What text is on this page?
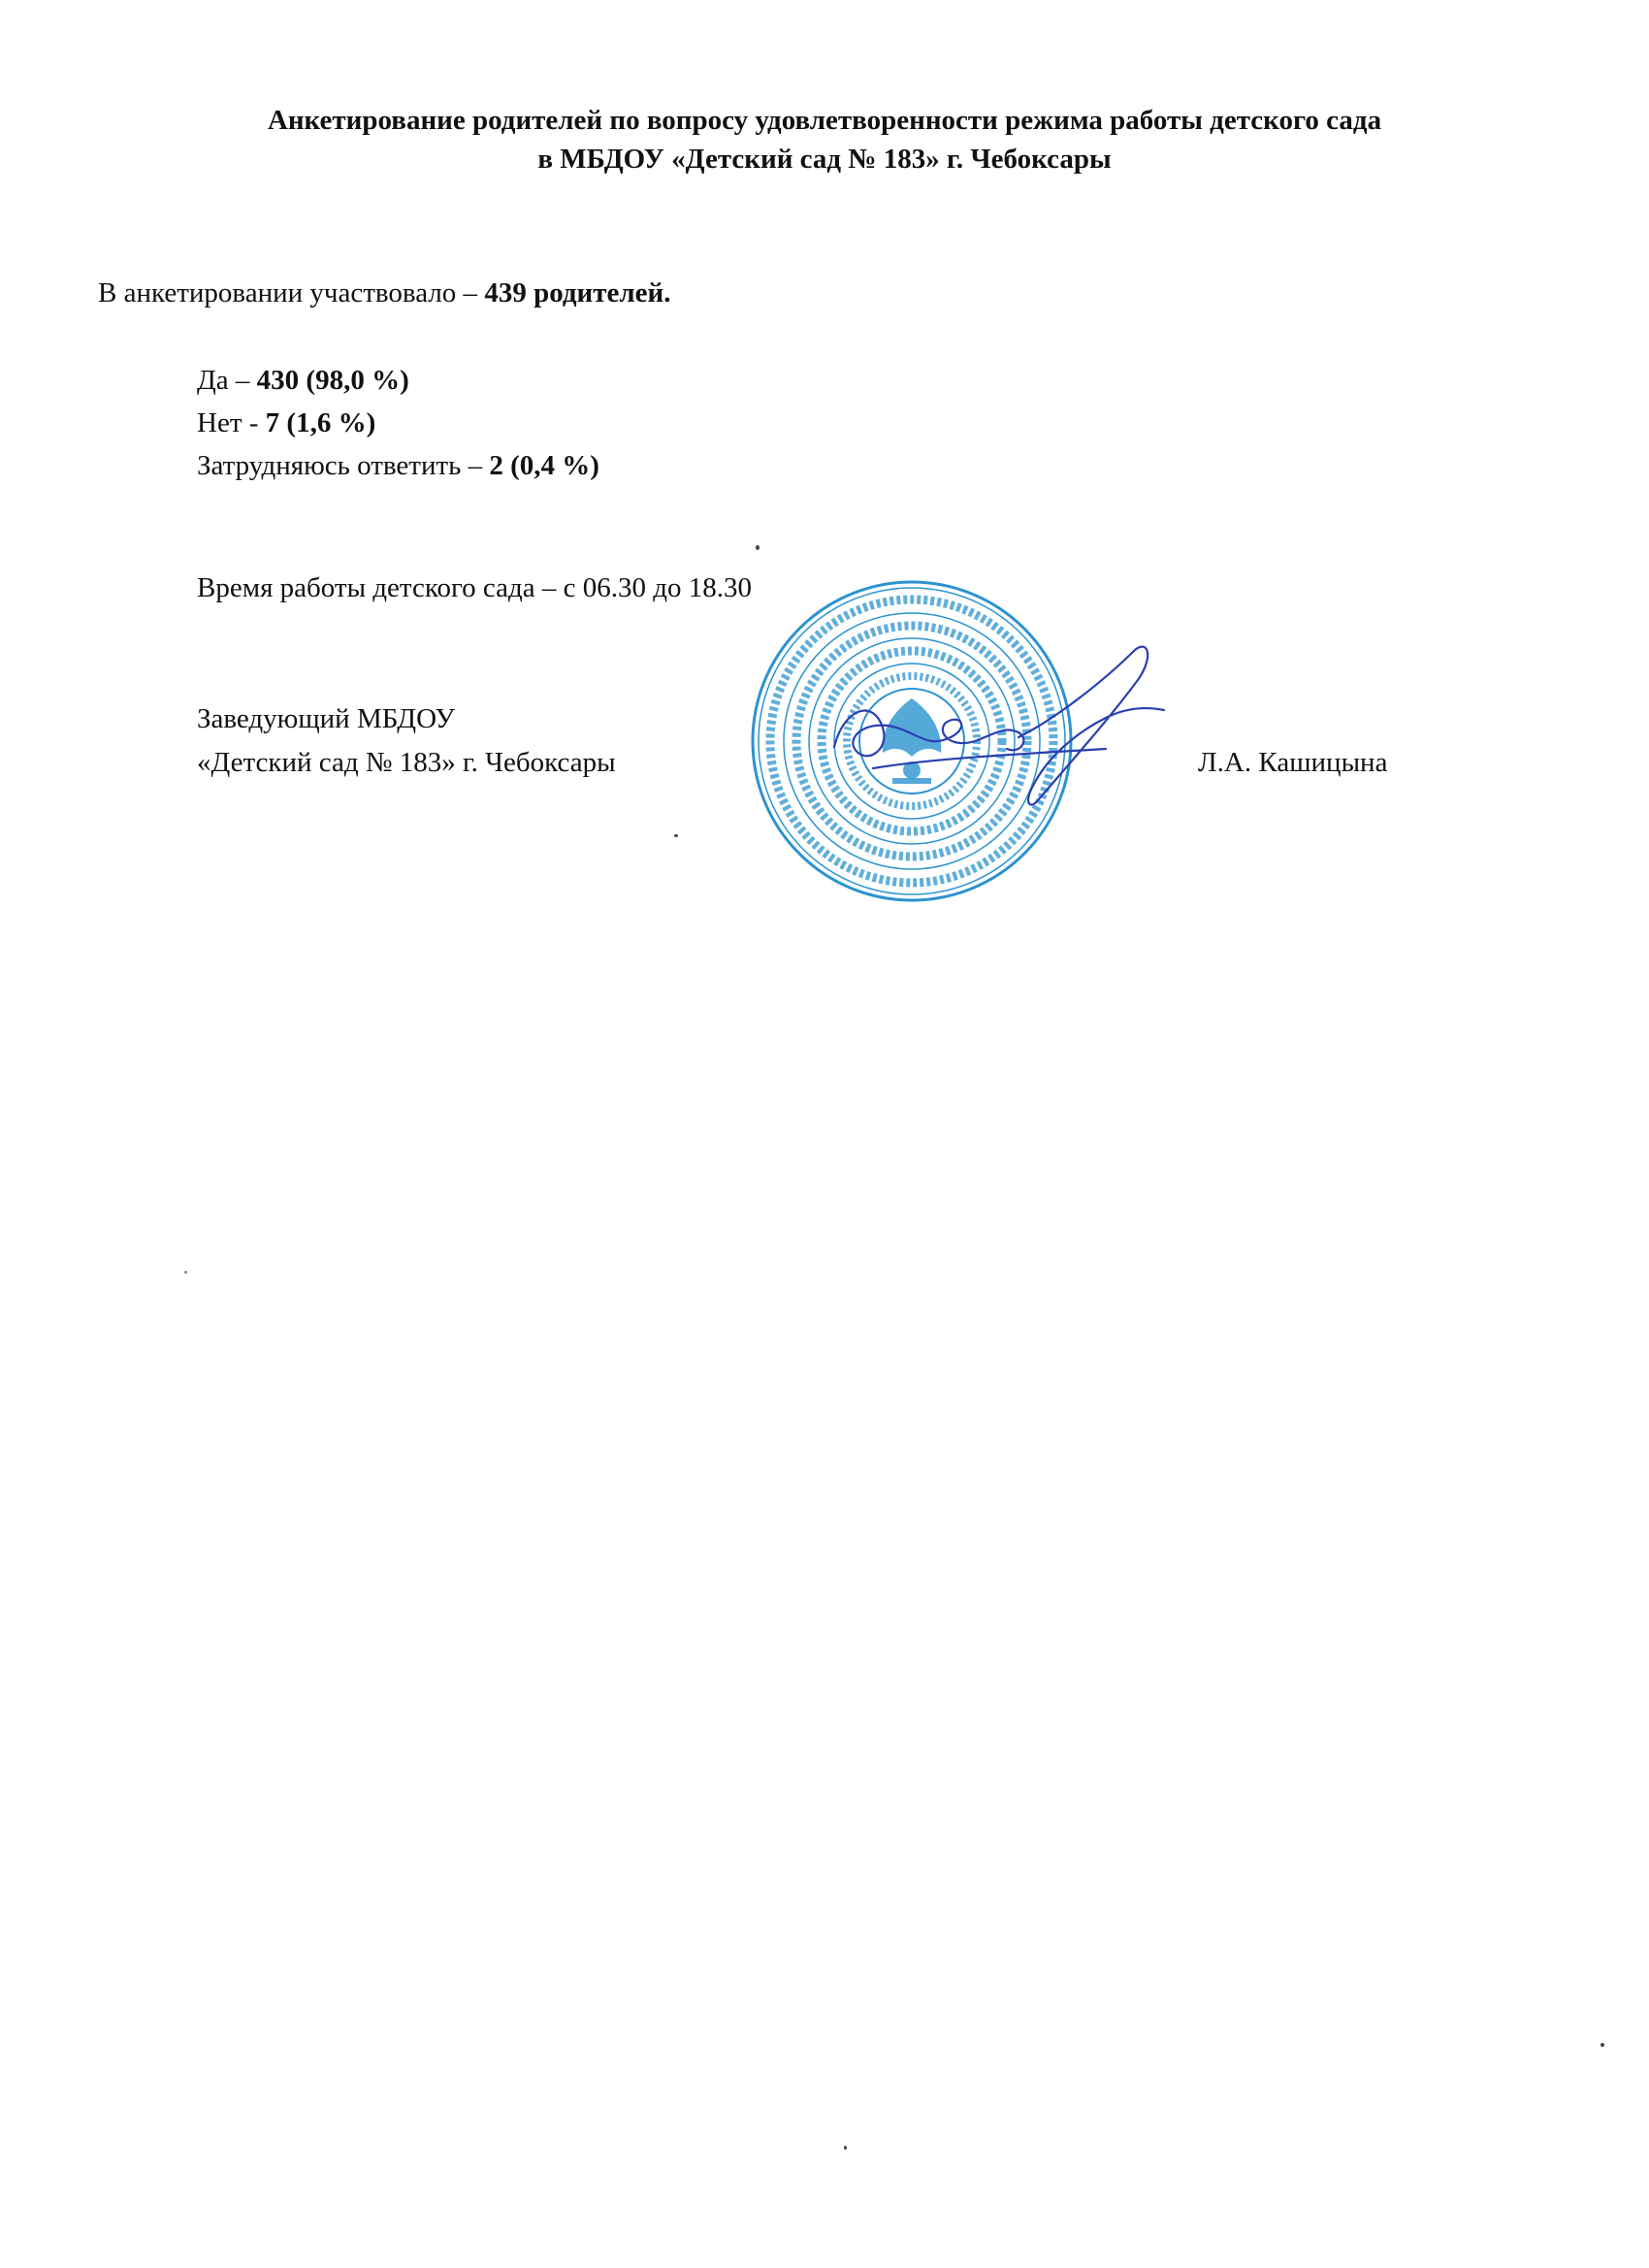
Анкетирование родителей по вопросу удовлетворенности режима работы детского сада
в МБДОУ «Детский сад № 183» г. Чебоксары
В анкетировании участвовало – 439 родителей.
Да – 430 (98,0 %)
Нет - 7 (1,6 %)
Затрудняюсь ответить – 2 (0,4 %)
Время работы детского сада – с 06.30 до 18.30
Заведующий МБДОУ
«Детский сад № 183» г. Чебоксары	Л.А. Кашицына
